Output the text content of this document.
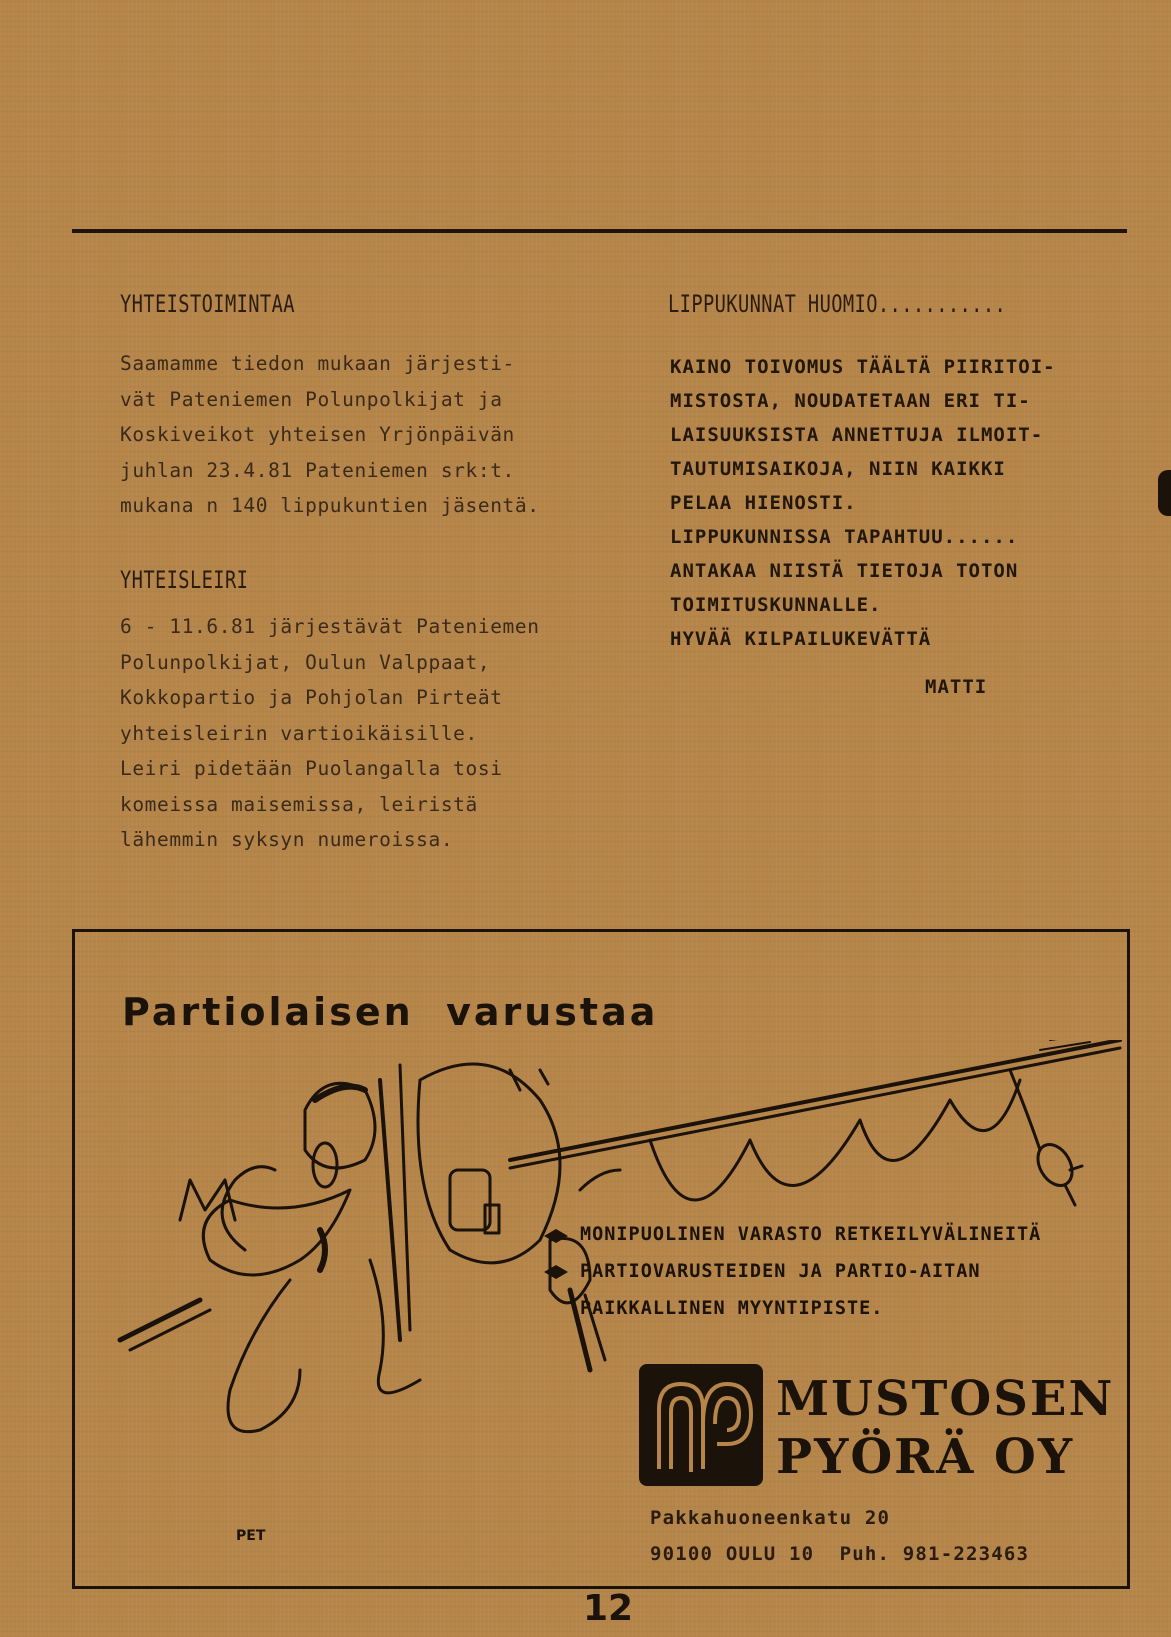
YHTEISTOIMINTAA
Saamamme tiedon mukaan järjesti-
vät Pateniemen Polunpolkijat ja
Koskiveikot yhteisen Yrjönpäivän
juhlan 23.4.81 Pateniemen srk:t.
mukana n 140 lippukuntien jäsentä.
YHTEISLEIRI
6 - 11.6.81 järjestävät Pateniemen
Polunpolkijat, Oulun Valppaat,
Kokkopartio ja Pohjolan Pirteät
yhteisleirin vartioikäisille.
Leiri pidetään Puolangalla tosi
komeissa maisemissa, leiristä
lähemmin syksyn numeroissa.
LIPPUKUNNAT HUOMIO...........
KAINO TOIVOMUS TÄÄLTÄ PIIRITOI-
MISTOSTA, NOUDATETAAN ERI TI-
LAISUUKSISTA ANNETTUJA ILMOIT-
TAUTUMISAIKOJA, NIIN KAIKKI
PELAA HIENOSTI.
LIPPUKUNNISSA TAPAHTUU......
ANTAKAA NIISTÄ TIETOJA TOTON
TOIMITUSKUNNALLE.
HYVÄÄ KILPAILUKEVÄTTÄ
MATTI
Partiolaisen  varustaa
PET
MONIPUOLINEN VARASTO RETKEILYVÄLINEITÄ
PARTIOVARUSTEIDEN JA PARTIO-AITAN
PAIKKALLINEN MYYNTIPISTE.
MUSTOSEN
PYÖRÄ OY
Pakkahuoneenkatu 20
90100 OULU 10  Puh. 981-223463
12
